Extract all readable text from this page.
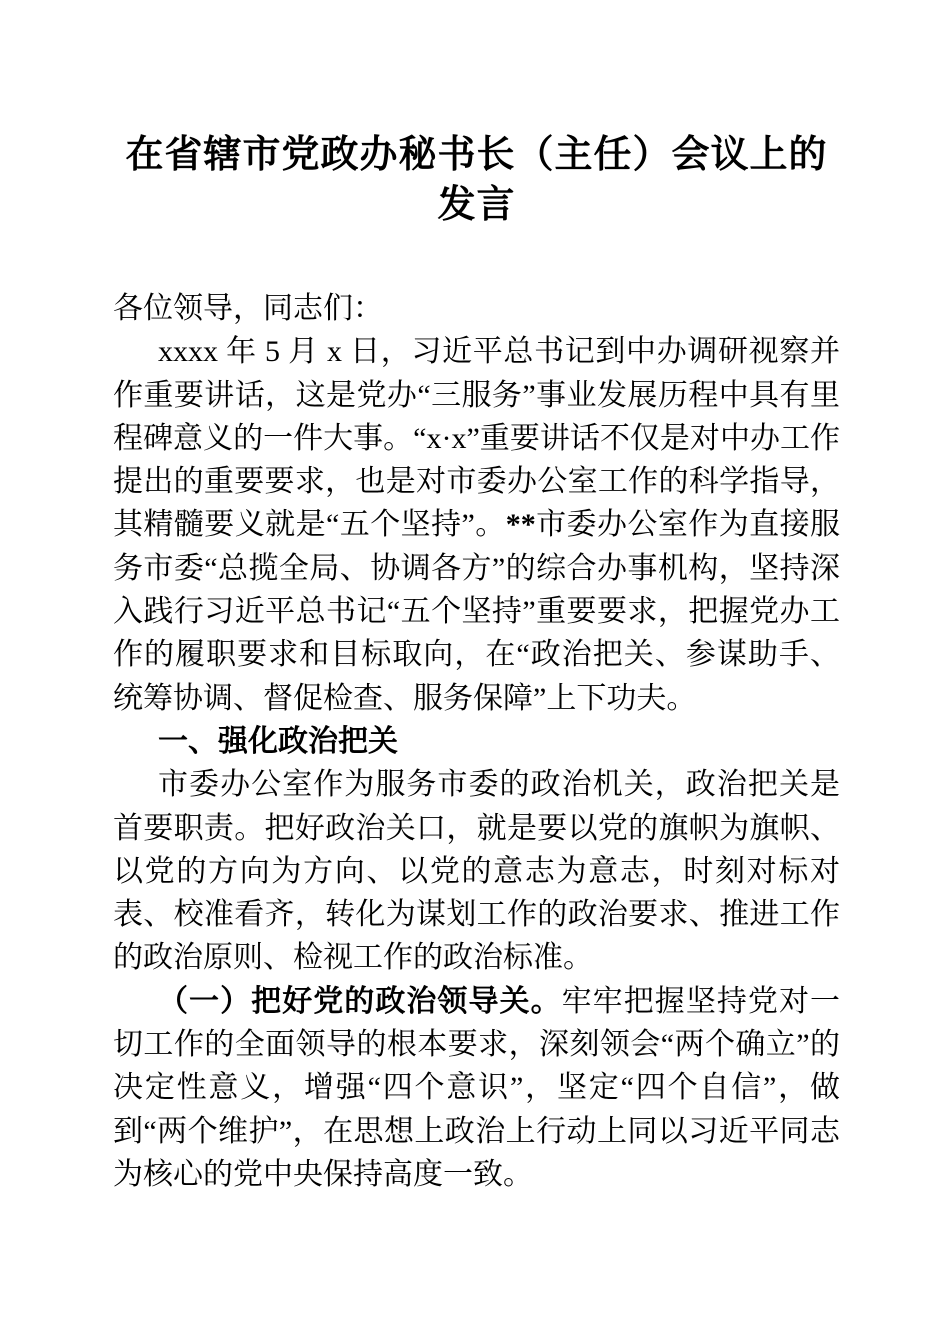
在省辖市党政办秘书长（主任）会议上的发言

各位领导，同志们：

xxxx 年 5 月 x 日，习近平总书记到中办调研视察并作重要讲话，这是党办“三服务”事业发展历程中具有里程碑意义的一件大事。“x·x”重要讲话不仅是对中办工作提出的重要要求，也是对市委办公室工作的科学指导，其精髓要义就是“五个坚持”。**市委办公室作为直接服务市委“总揽全局、协调各方”的综合办事机构，坚持深入践行习近平总书记“五个坚持”重要要求，把握党办工作的履职要求和目标取向，在“政治把关、参谋助手、统筹协调、督促检查、服务保障”上下功夫。

一、强化政治把关

市委办公室作为服务市委的政治机关，政治把关是首要职责。把好政治关口，就是要以党的旗帜为旗帜、以党的方向为方向、以党的意志为意志，时刻对标对表、校准看齐，转化为谋划工作的政治要求、推进工作的政治原则、检视工作的政治标准。

（一）把好党的政治领导关。牢牢把握坚持党对一切工作的全面领导的根本要求，深刻领会“两个确立”的决定性意义，增强“四个意识”，坚定“四个自信”，做到“两个维护”，在思想上政治上行动上同以习近平同志为核心的党中央保持高度一致。
